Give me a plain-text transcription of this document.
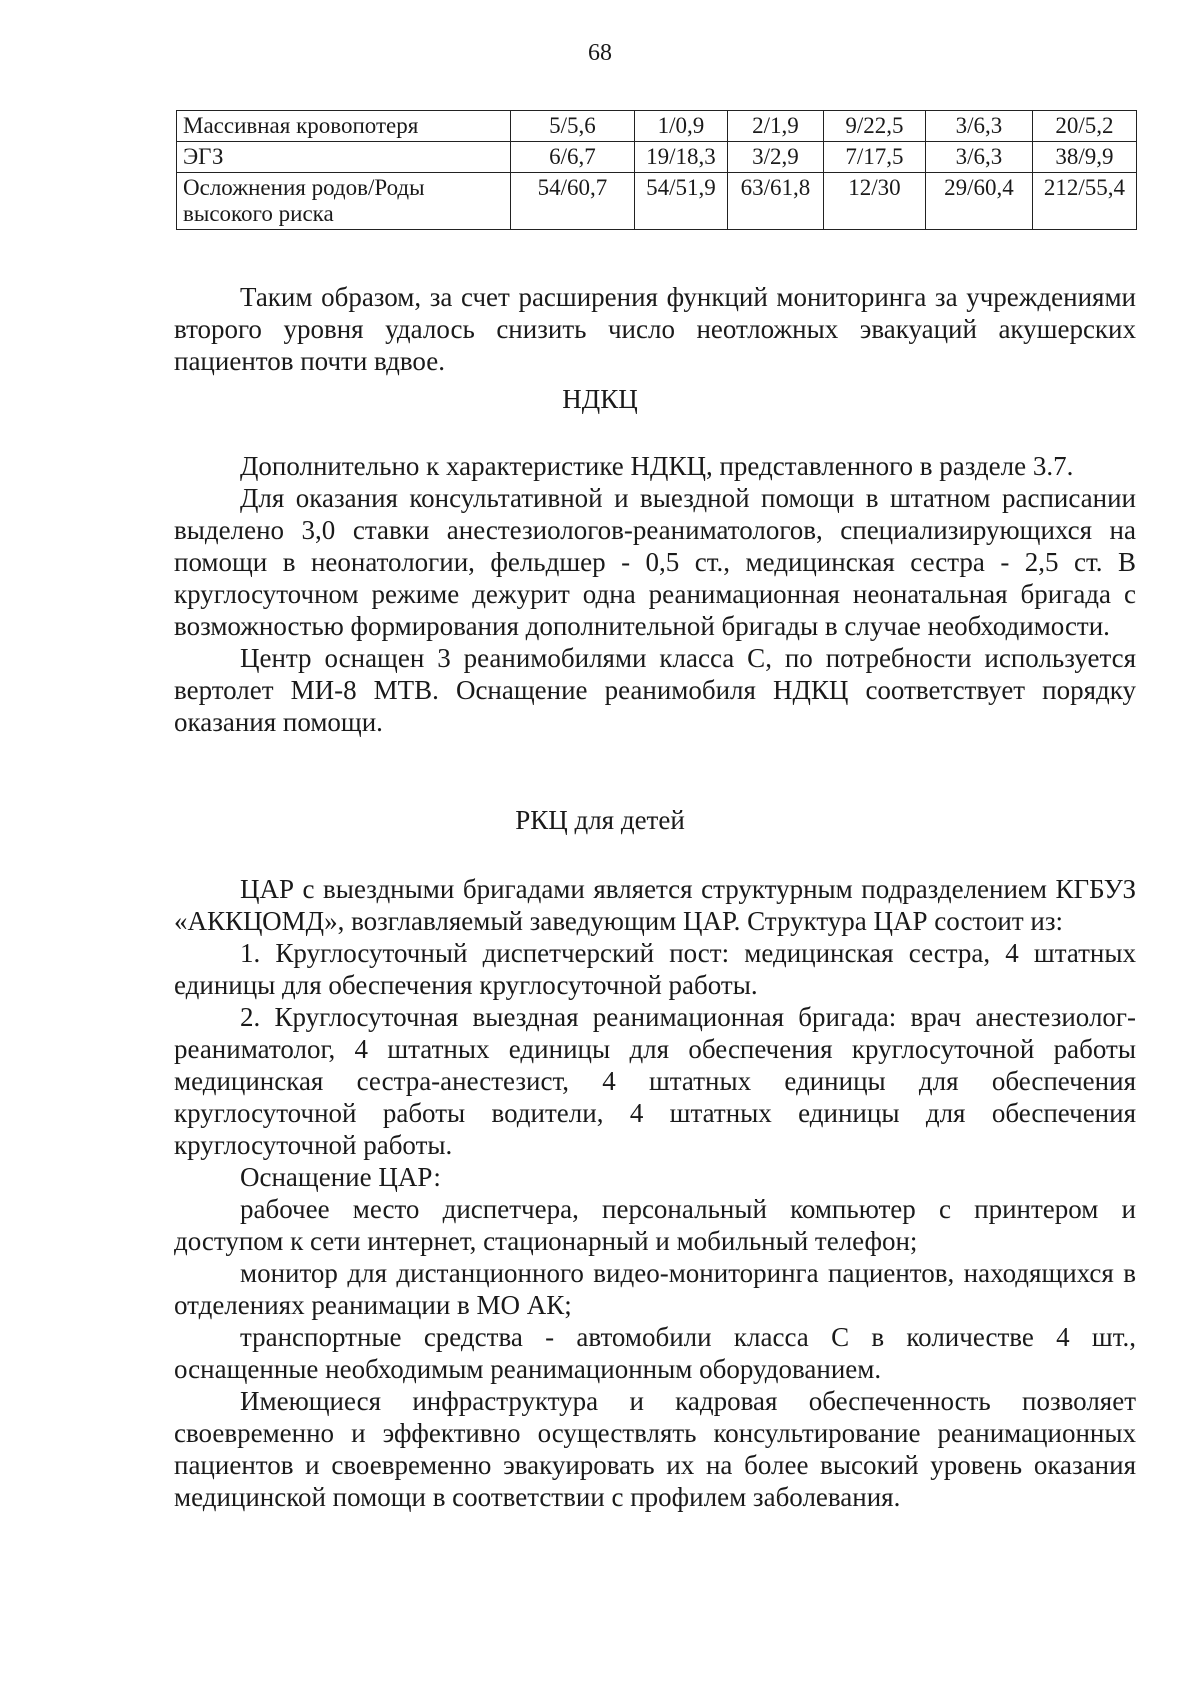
68
Массивная кровопотеря	5/5,6	1/0,9	2/1,9	9/22,5	3/6,3	20/5,2
ЭГЗ	6/6,7	19/18,3	3/2,9	7/17,5	3/6,3	38/9,9
Осложнения родов/Роды высокого риска	54/60,7	54/51,9	63/61,8	12/30	29/60,4	212/55,4

Таким образом, за счет расширения функций мониторинга за учреждениями второго уровня удалось снизить число неотложных эвакуаций акушерских пациентов почти вдвое.

НДКЦ

Дополнительно к характеристике НДКЦ, представленного в разделе 3.7.

Для оказания консультативной и выездной помощи в штатном расписании выделено 3,0 ставки анестезиологов-реаниматологов, специализирующихся на помощи в неонатологии, фельдшер - 0,5 ст., медицинская сестра - 2,5 ст. В круглосуточном режиме дежурит одна реанимационная неонатальная бригада с возможностью формирования дополнительной бригады в случае необходимости.

Центр оснащен 3 реанимобилями класса С, по потребности используется вертолет МИ-8 МТВ. Оснащение реанимобиля НДКЦ соответствует порядку оказания помощи.

РКЦ для детей

ЦАР с выездными бригадами является структурным подразделением КГБУЗ «АККЦОМД», возглавляемый заведующим ЦАР. Структура ЦАР состоит из:

1. Круглосуточный диспетчерский пост: медицинская сестра, 4 штатных единицы для обеспечения круглосуточной работы.

2. Круглосуточная выездная реанимационная бригада: врач анестезиолог-реаниматолог, 4 штатных единицы для обеспечения круглосуточной работы медицинская сестра-анестезист, 4 штатных единицы для обеспечения круглосуточной работы водители, 4 штатных единицы для обеспечения круглосуточной работы.

Оснащение ЦАР:

рабочее место диспетчера, персональный компьютер с принтером и доступом к сети интернет, стационарный и мобильный телефон;

монитор для дистанционного видео-мониторинга пациентов, находящихся в отделениях реанимации в МО АК;

транспортные средства - автомобили класса С в количестве 4 шт., оснащенные необходимым реанимационным оборудованием.

Имеющиеся инфраструктура и кадровая обеспеченность позволяет своевременно и эффективно осуществлять консультирование реанимационных пациентов и своевременно эвакуировать их на более высокий уровень оказания медицинской помощи в соответствии с профилем заболевания.
